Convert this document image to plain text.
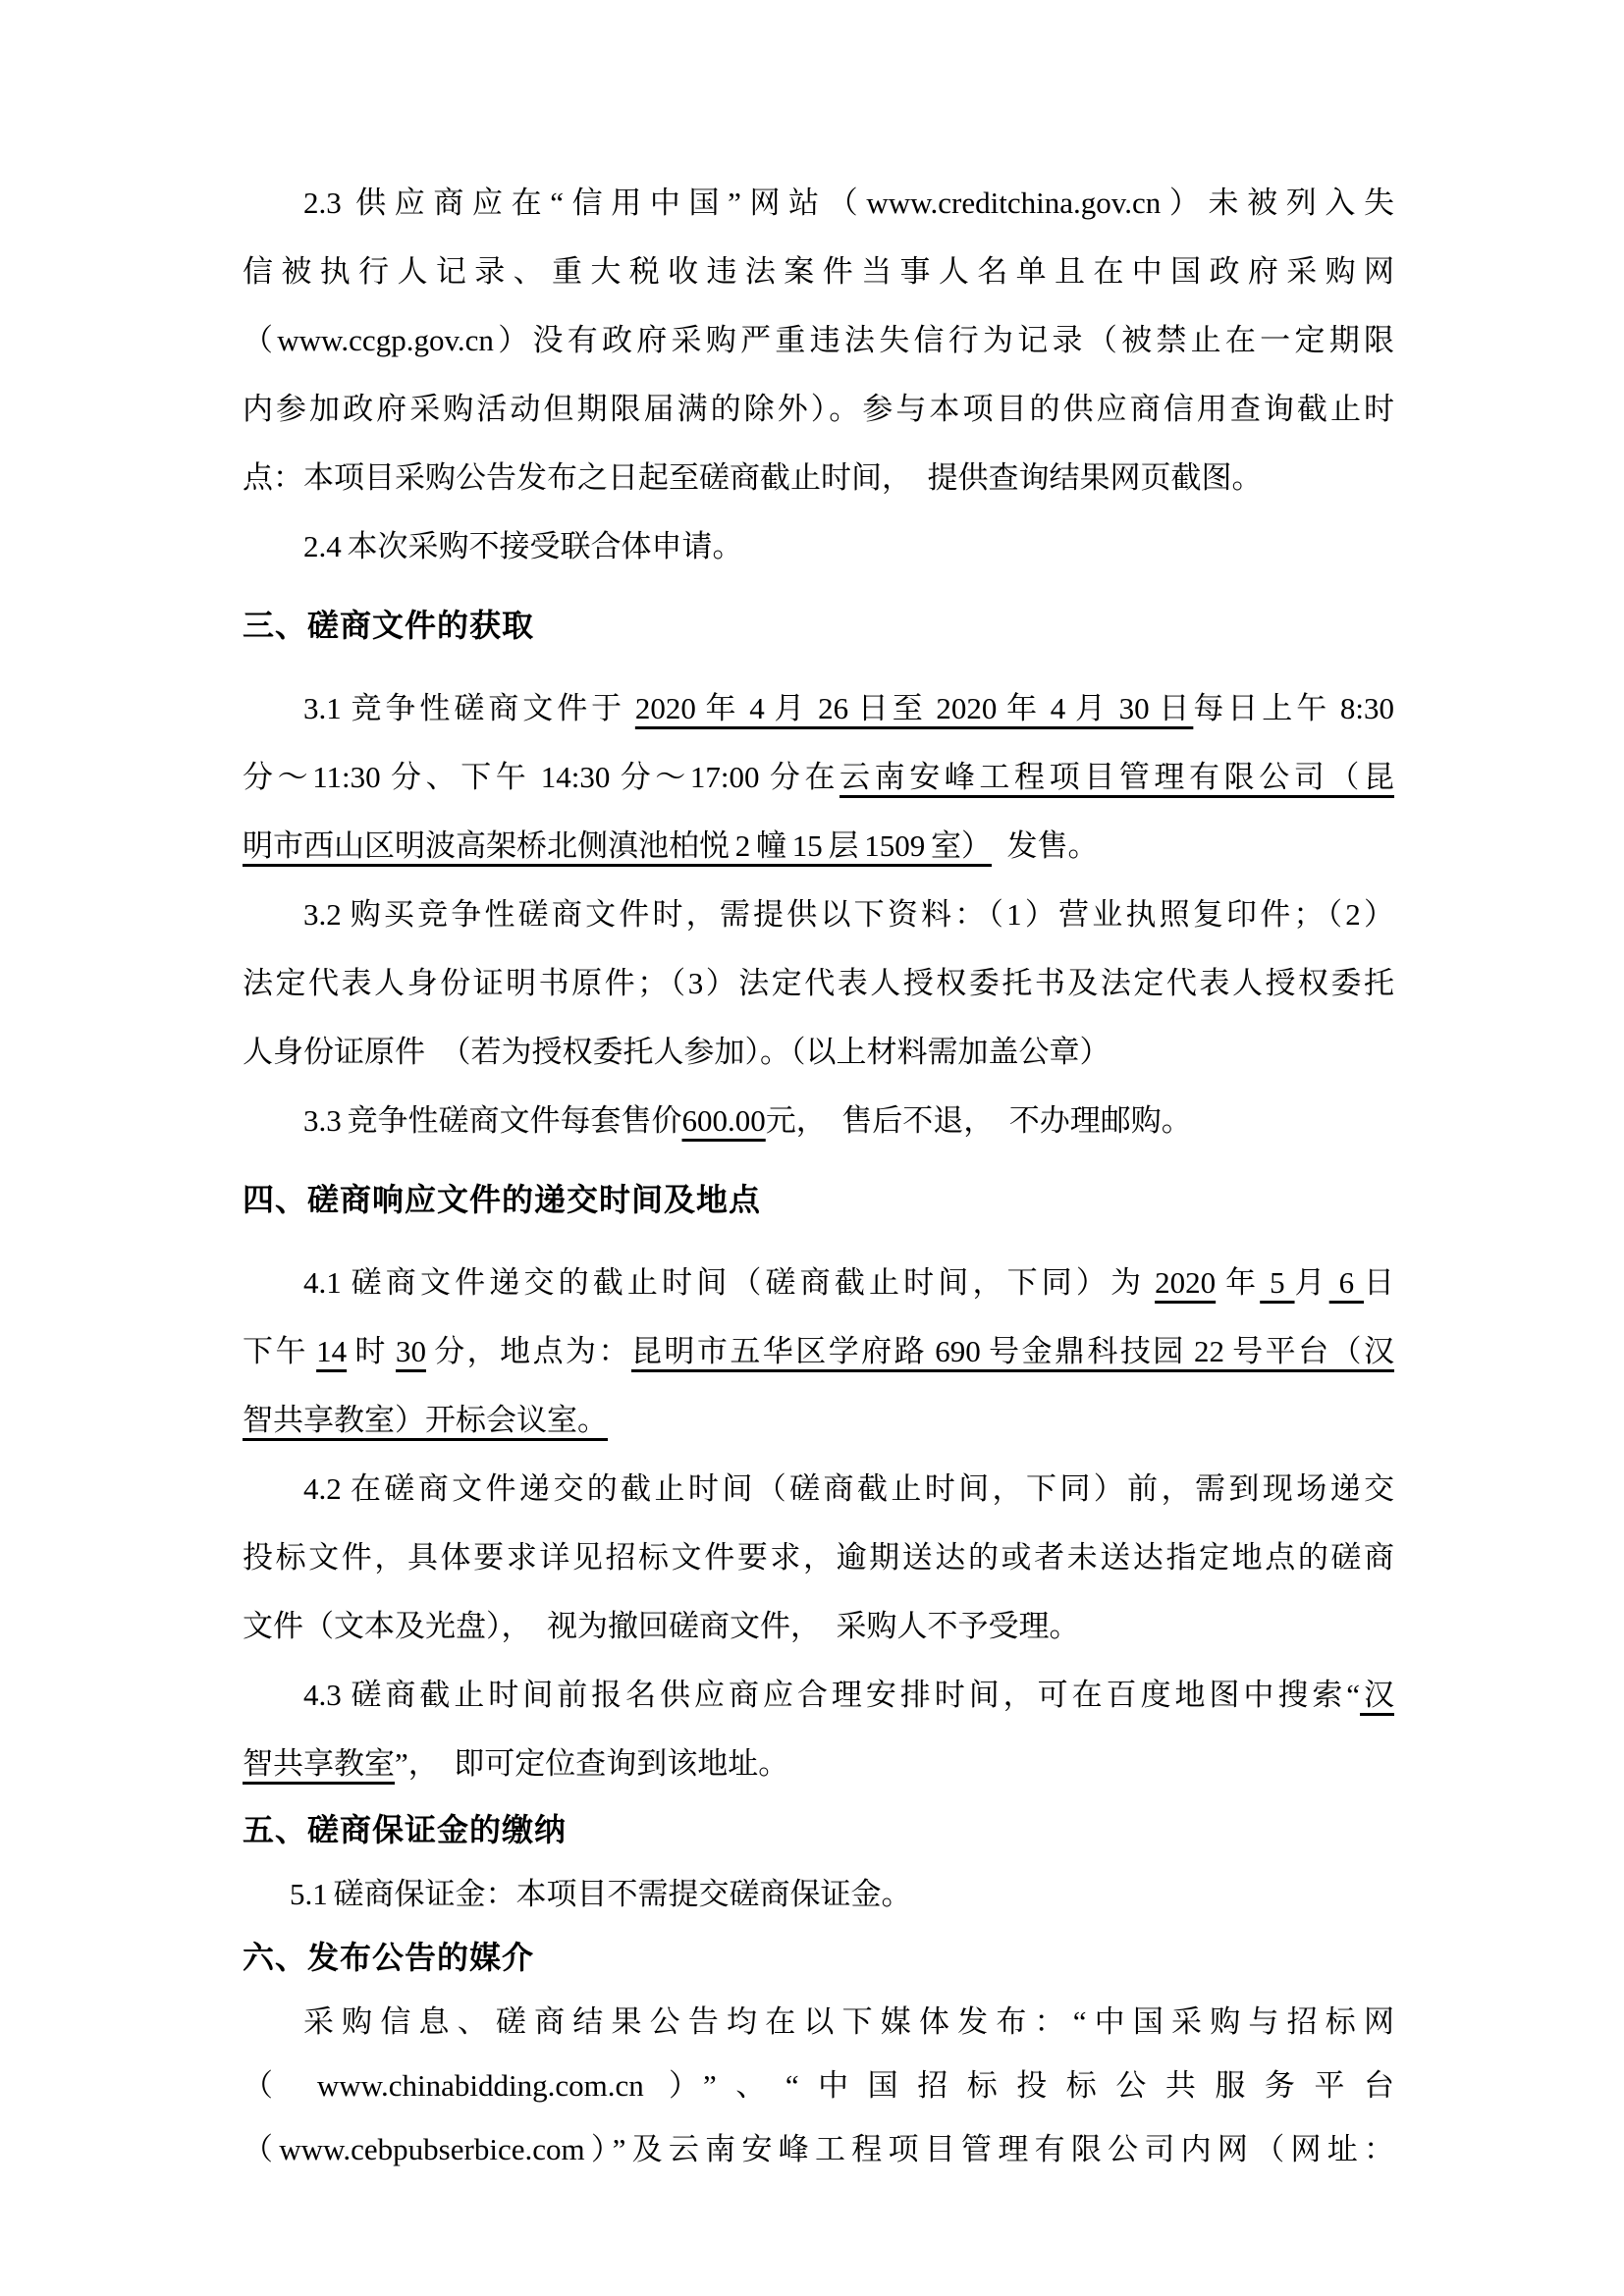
2.3 供应商应在“信用中国”网站（www.creditchina.gov.cn）未被列入失
信被执行人记录、重大税收违法案件当事人名单且在中国政府采购网
（www.ccgp.gov.cn）没有政府采购严重违法失信行为记录（被禁止在一定期限
内参加政府采购活动但期限届满的除外）。参与本项目的供应商信用查询截止时
点：本项目采购公告发布之日起至磋商截止时间， 提供查询结果网页截图。
2.4 本次采购不接受联合体申请。
三、磋商文件的获取
3.1 竞争性磋商文件于 2020 年 4 月 26 日至 2020 年 4 月 30 日每日上午 8:30
分～11:30 分、下午 14:30 分～17:00 分在云南安峰工程项目管理有限公司（昆
明市西山区明波高架桥北侧滇池柏悦 2 幢 15 层 1509 室） 发售。
3.2 购买竞争性磋商文件时，需提供以下资料：（1）营业执照复印件；（2）
法定代表人身份证明书原件；（3）法定代表人授权委托书及法定代表人授权委托
人身份证原件 （若为授权委托人参加）。（以上材料需加盖公章）
3.3 竞争性磋商文件每套售价600.00元， 售后不退， 不办理邮购。
四、磋商响应文件的递交时间及地点
4.1 磋商文件递交的截止时间（磋商截止时间，下同）为 2020 年 5 月 6 日
下午 14 时 30 分，地点为：昆明市五华区学府路 690 号金鼎科技园 22 号平台（汉
智共享教室）开标会议室。
4.2 在磋商文件递交的截止时间（磋商截止时间，下同）前，需到现场递交
投标文件，具体要求详见招标文件要求，逾期送达的或者未送达指定地点的磋商
文件（文本及光盘）， 视为撤回磋商文件， 采购人不予受理。
4.3 磋商截止时间前报名供应商应合理安排时间，可在百度地图中搜索“汉
智共享教室”， 即可定位查询到该地址。
五、磋商保证金的缴纳
5.1 磋商保证金：本项目不需提交磋商保证金。
六、发布公告的媒介
采购信息、磋商结果公告均在以下媒体发布：“中国采购与招标网
（ www.chinabidding.com.cn ）”、“中国招标投标公共服务平台
（www.cebpubserbice.com）”及云南安峰工程项目管理有限公司内网（网址：
